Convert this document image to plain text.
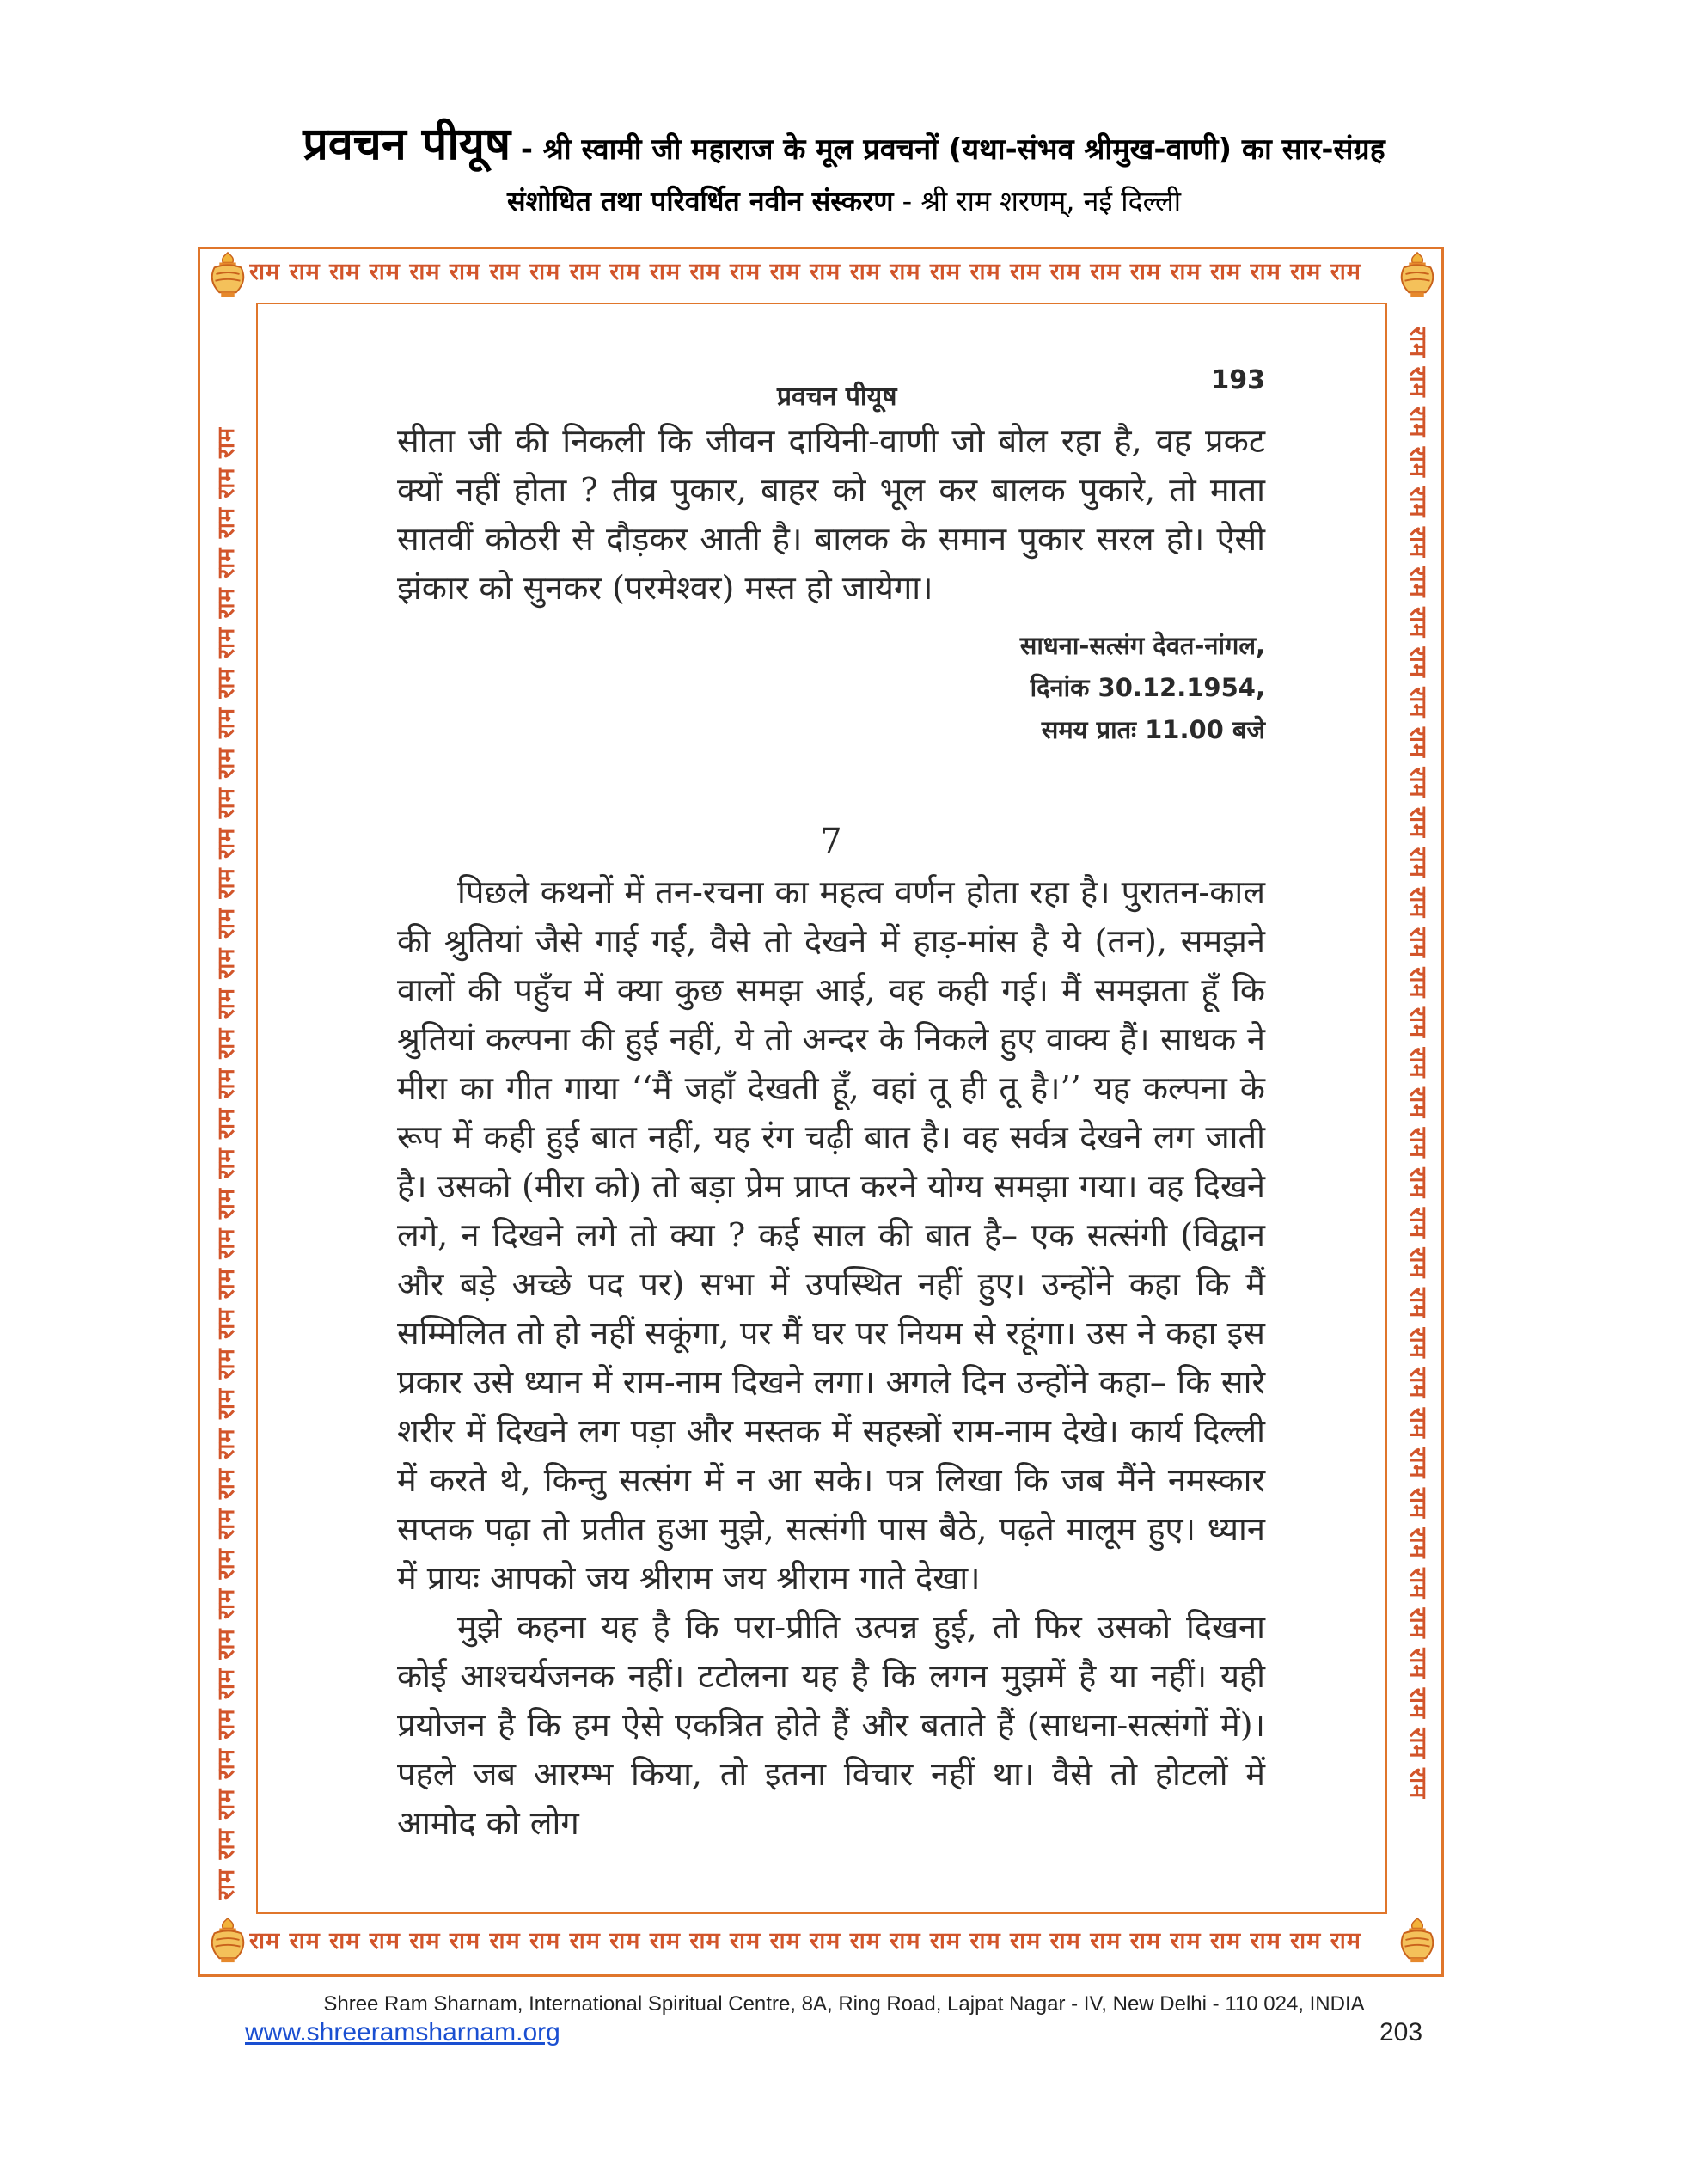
प्रवचन पीयूष - श्री स्वामी जी महाराज के मूल प्रवचनों (यथा-संभव श्रीमुख-वाणी) का सार-संग्रह
संशोधित तथा परिवर्धित नवीन संस्करण - श्री राम शरणम्, नई दिल्ली
राम राम राम राम राम राम राम राम राम राम राम राम राम राम राम राम राम राम राम राम राम राम राम राम राम राम राम राम
राम राम राम राम राम राम राम राम राम राम राम राम राम राम राम राम राम राम राम राम राम राम राम राम राम राम राम राम
राम राम राम राम राम राम राम राम राम राम राम राम राम राम राम राम राम राम राम राम राम राम राम राम राम राम राम राम राम राम राम राम राम राम राम राम राम	राम राम राम राम राम राम राम राम राम राम राम राम राम राम राम राम राम राम राम राम राम राम राम राम राम राम राम राम राम राम राम राम राम राम राम राम राम
प्रवचन पीयूष
193

सीता जी की निकली कि जीवन दायिनी-वाणी जो बोल रहा है, वह प्रकट क्यों नहीं होता ? तीव्र पुकार, बाहर को भूल कर बालक पुकारे, तो माता सातवीं कोठरी से दौड़कर आती है। बालक के समान पुकार सरल हो। ऐसी झंकार को सुनकर (परमेश्वर) मस्त हो जायेगा।

साधना-सत्संग देवत-नांगल,
दिनांक 30.12.1954,
समय प्रातः 11.00 बजे
7

पिछले कथनों में तन-रचना का महत्व वर्णन होता रहा है। पुरातन-काल की श्रुतियां जैसे गाई गईं, वैसे तो देखने में हाड़-मांस है ये (तन), समझने वालों की पहुँच में क्या कुछ समझ आई, वह कही गई। मैं समझता हूँ कि श्रुतियां कल्पना की हुई नहीं, ये तो अन्दर के निकले हुए वाक्य हैं। साधक ने मीरा का गीत गाया ‘‘मैं जहाँ देखती हूँ, वहां तू ही तू है।’’ यह कल्पना के रूप में कही हुई बात नहीं, यह रंग चढ़ी बात है। वह सर्वत्र देखने लग जाती है। उसको (मीरा को) तो बड़ा प्रेम प्राप्त करने योग्य समझा गया। वह दिखने लगे, न दिखने लगे तो क्या ? कई साल की बात है– एक सत्संगी (विद्वान और बड़े अच्छे पद पर) सभा में उपस्थित नहीं हुए। उन्होंने कहा कि मैं सम्मिलित तो हो नहीं सकूंगा, पर मैं घर पर नियम से रहूंगा। उस ने कहा इस प्रकार उसे ध्यान में राम-नाम दिखने लगा। अगले दिन उन्होंने कहा– कि सारे शरीर में दिखने लग पड़ा और मस्तक में सहस्त्रों राम-नाम देखे। कार्य दिल्ली में करते थे, किन्तु सत्संग में न आ सके। पत्र लिखा कि जब मैंने नमस्कार सप्तक पढ़ा तो प्रतीत हुआ मुझे, सत्संगी पास बैठे, पढ़ते मालूम हुए। ध्यान में प्रायः आपको जय श्रीराम जय श्रीराम गाते देखा।

मुझे कहना यह है कि परा-प्रीति उत्पन्न हुई, तो फिर उसको दिखना कोई आश्चर्यजनक नहीं। टटोलना यह है कि लगन मुझमें है या नहीं। यही प्रयोजन है कि हम ऐसे एकत्रित होते हैं और बताते हैं (साधना-सत्संगों में)। पहले जब आरम्भ किया, तो इतना विचार नहीं था। वैसे तो होटलों में आमोद को लोग

Shree Ram Sharnam, International Spiritual Centre, 8A, Ring Road, Lajpat Nagar - IV, New Delhi - 110 024, INDIA
www.shreeramsharnam.org	203
